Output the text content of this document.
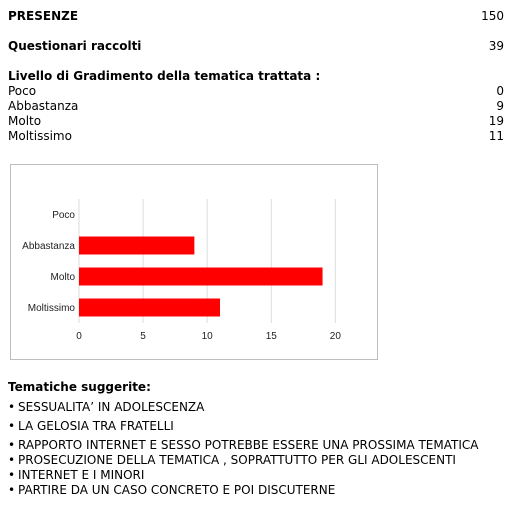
PRESENZE	150
Questionari raccolti	39
Livello di Gradimento della tematica trattata :
Poco	0
Abbastanza	9
Molto	19
Moltissimo	11
0	5	10	15	20
Poco
Abbastanza
Molto
Moltissimo
Tematiche suggerite:
• SESSUALITA’ IN ADOLESCENZA
• LA GELOSIA TRA FRATELLI
• RAPPORTO INTERNET E SESSO POTREBBE ESSERE UNA PROSSIMA TEMATICA
• PROSECUZIONE DELLA TEMATICA , SOPRATTUTTO PER GLI ADOLESCENTI
• INTERNET E I MINORI
• PARTIRE DA UN CASO CONCRETO E POI DISCUTERNE
